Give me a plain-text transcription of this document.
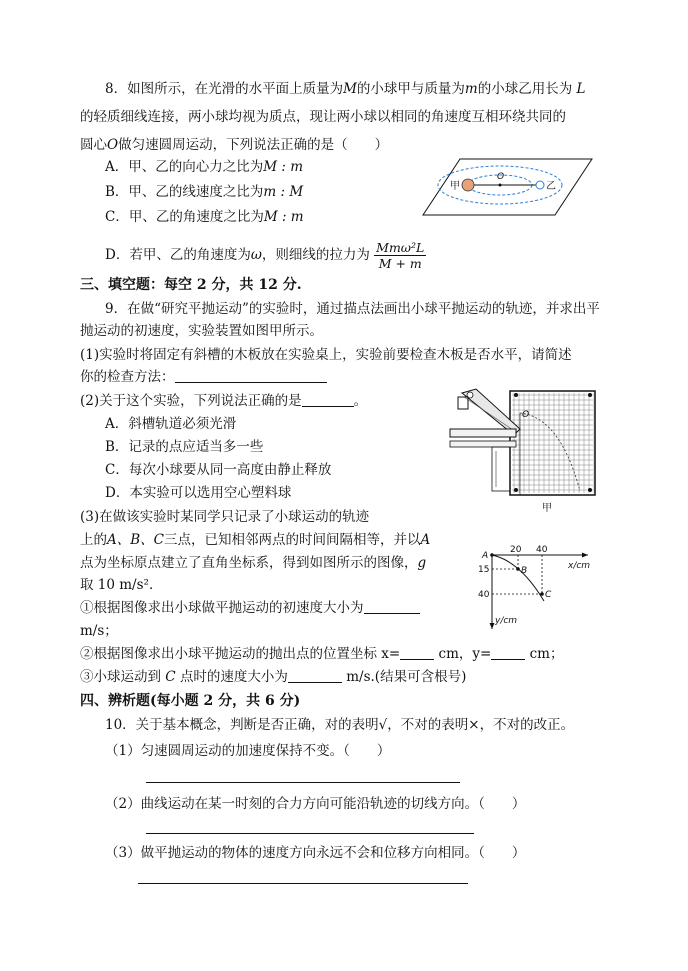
8．如图所示，在光滑的水平面上质量为M的小球甲与质量为m的小球乙用长为 L
的轻质细线连接，两小球均视为质点，现让两小球以相同的角速度互相环绕共同的
圆心O做匀速圆周运动，下列说法正确的是（　　）
A．甲、乙的向心力之比为M : m
B．甲、乙的线速度之比为m : M
C．甲、乙的角速度之比为M : m
D．若甲、乙的角速度为ω，则细线的拉力为 $\frac{\text{Mmω²L}}{M + m}$
甲	乙
O
三、填空题：每空 2 分，共 12 分.
9．在做“研究平抛运动”的实验时，通过描点法画出小球平抛运动的轨迹，并求出平
抛运动的初速度，实验装置如图甲所示。
(1)实验时将固定有斜槽的木板放在实验桌上，实验前要检查木板是否水平，请简述
你的检查方法：
(2)关于这个实验，下列说法正确的是	。
A．斜槽轨道必须光滑
B．记录的点应适当多一些
C．每次小球要从同一高度由静止释放
D．本实验可以选用空心塑料球
(3)在做该实验时某同学只记录了小球运动的轨迹
上的A、B、C三点，已知相邻两点的时间间隔相等，并以A
点为坐标原点建立了直角坐标系，得到如图所示的图像，g
取 10 m/s²．
①根据图像求出小球做平抛运动的初速度大小为
m/s；
②根据图像求出小球平抛运动的抛出点的位置坐标 x=	cm，y=	cm；
③小球运动到 C 点时的速度大小为	m/s.(结果可含根号)
O
甲
20 40
15
40
x/cm
y/cm
A
B
C
四、辨析题(每小题 2 分，共 6 分)
10．关于基本概念，判断是否正确，对的表明√，不对的表明×，不对的改正。
（1）匀速圆周运动的加速度保持不变。（　　）
（2）曲线运动在某一时刻的合力方向可能沿轨迹的切线方向。（　　）
（3）做平抛运动的物体的速度方向永远不会和位移方向相同。（　　）
